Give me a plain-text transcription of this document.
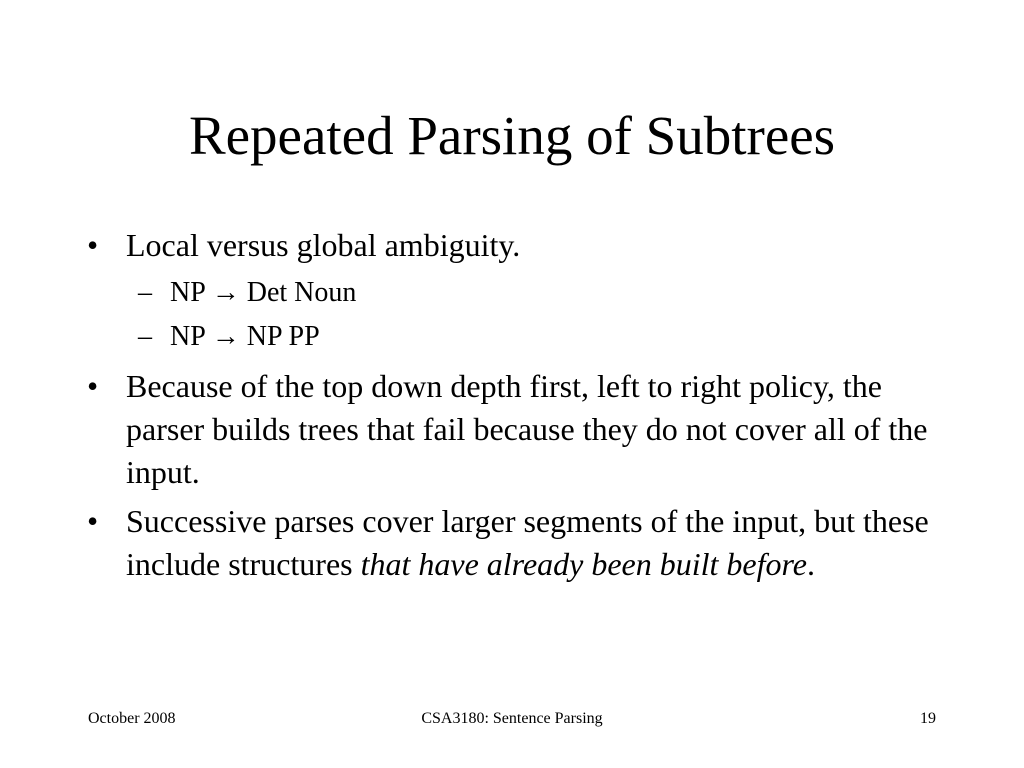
Repeated Parsing of Subtrees
• Local versus global ambiguity.
– NP → Det Noun
– NP → NP PP
• Because of the top down depth first, left to right policy, the parser builds trees that fail because they do not cover all of the input.
• Successive parses cover larger segments of the input, but these include structures that have already been built before.
October 2008	CSA3180: Sentence Parsing	19
